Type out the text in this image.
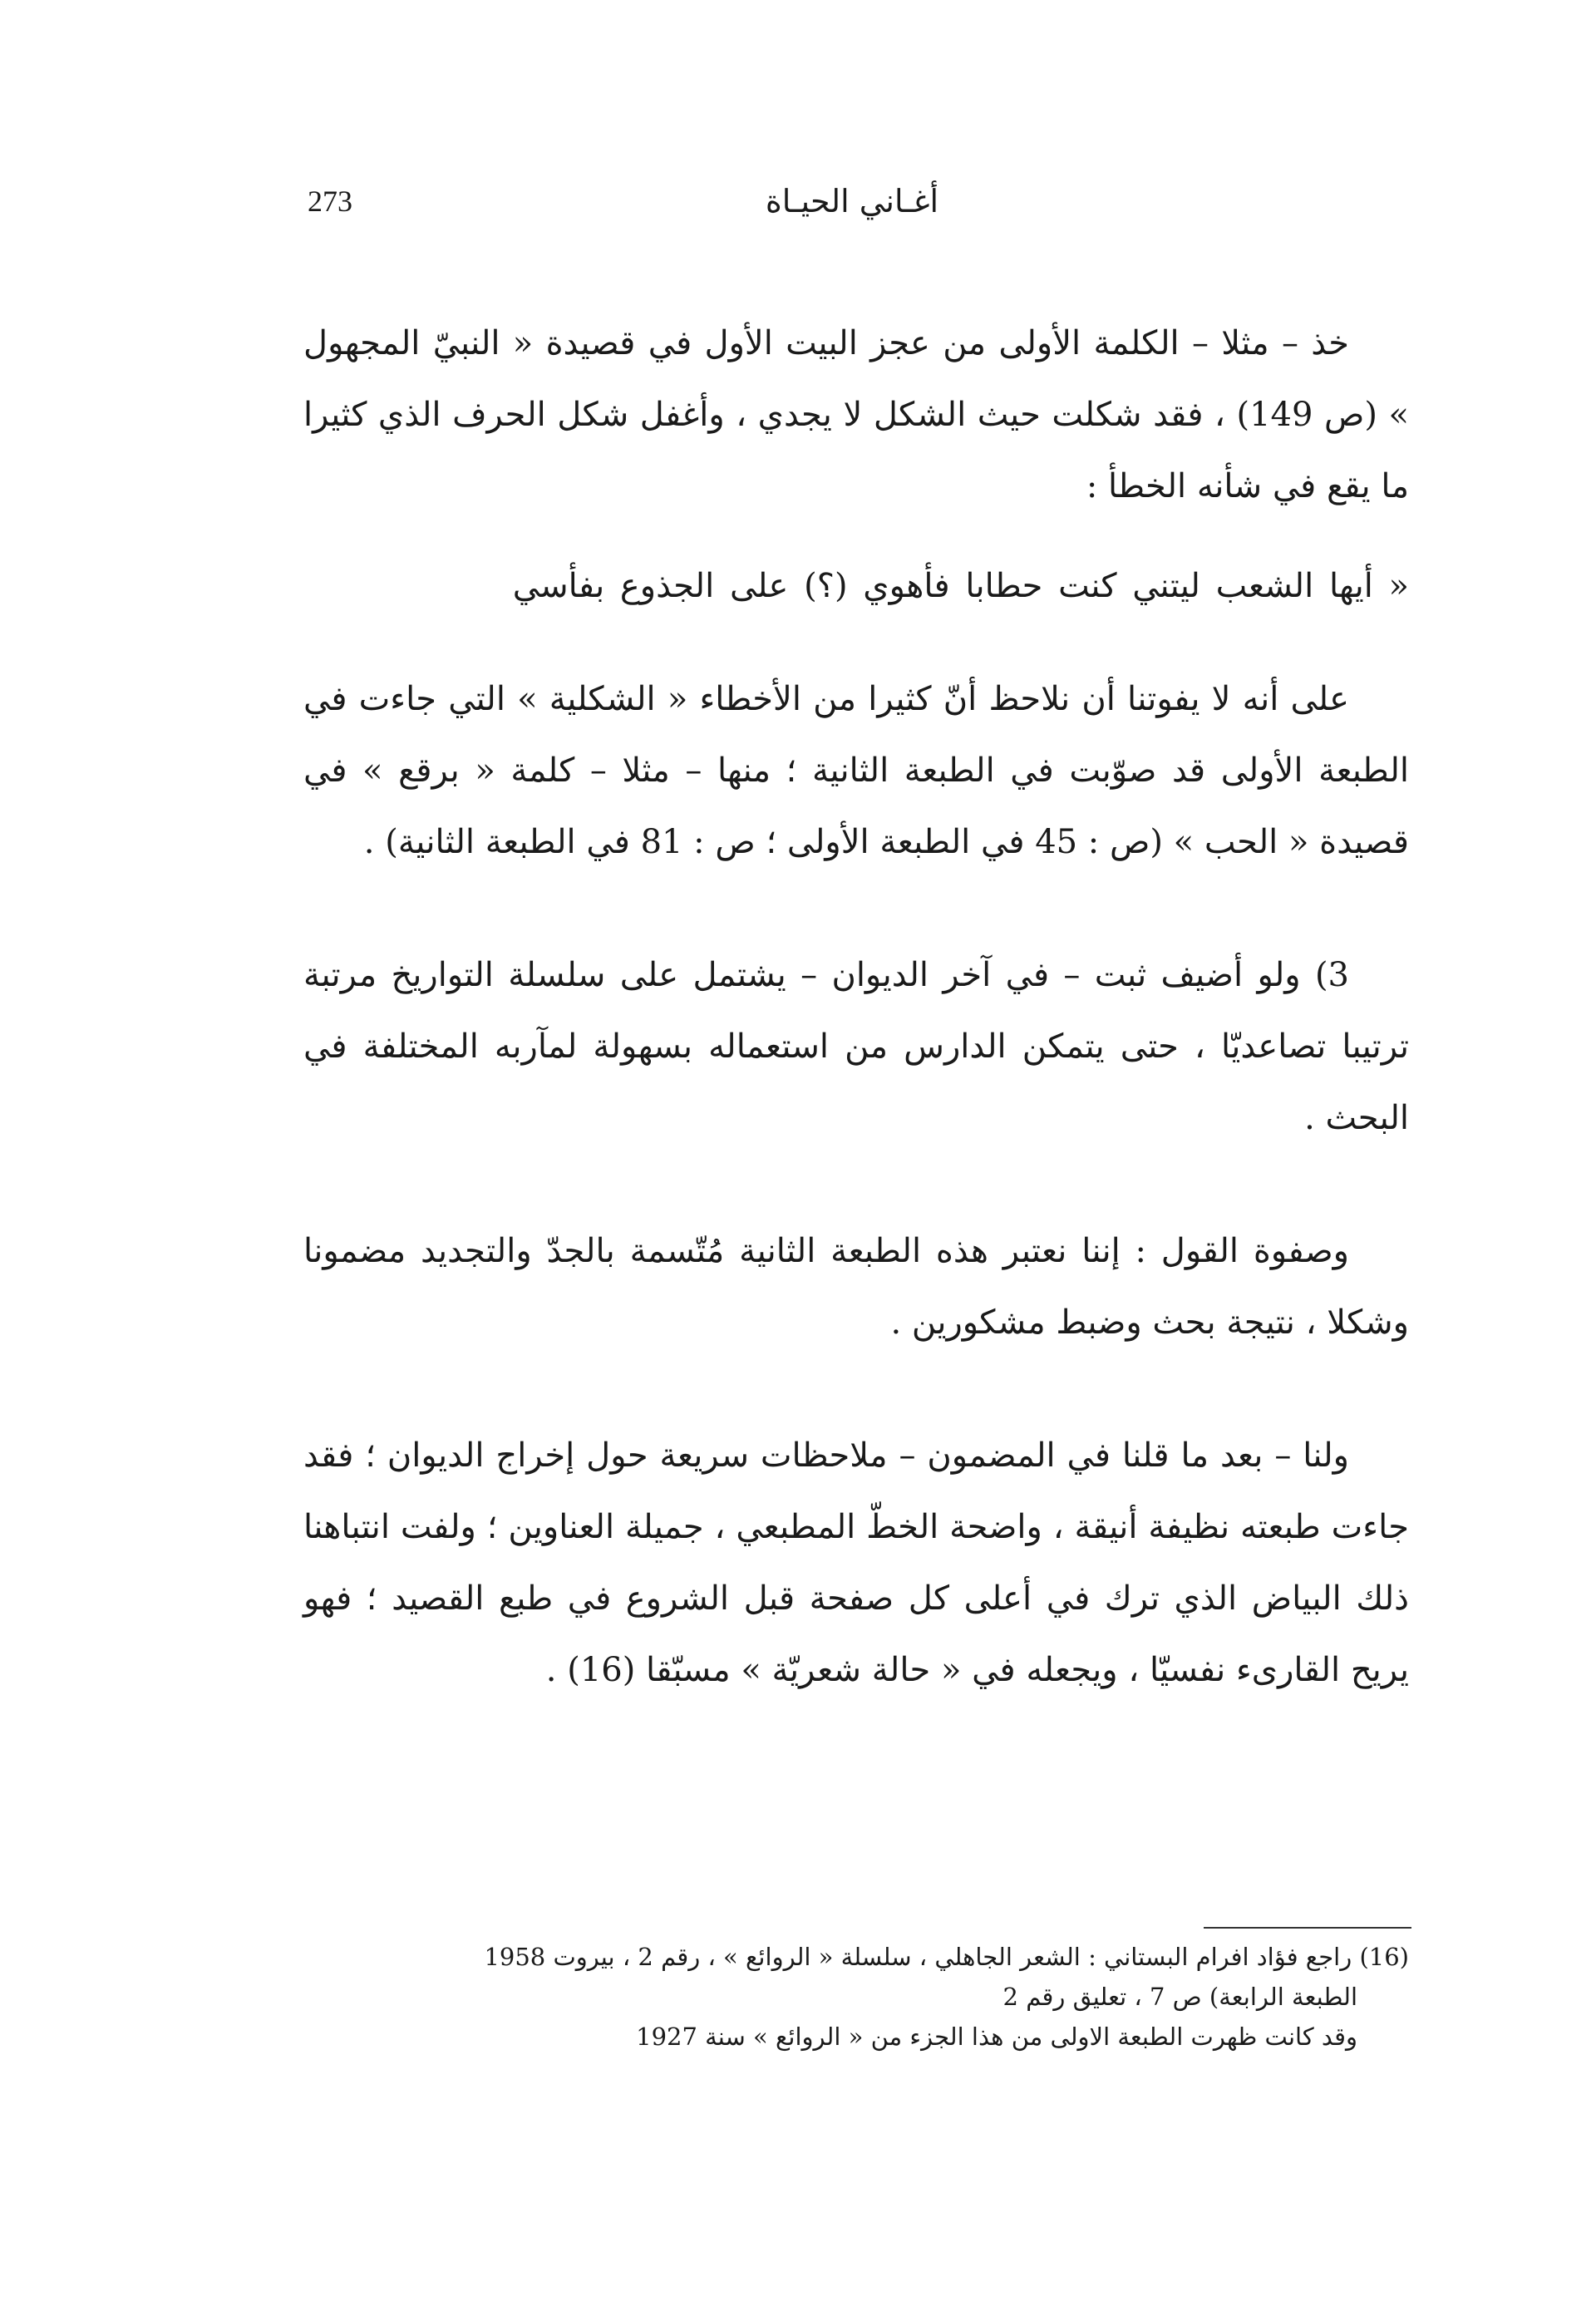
273	أغـاني الحيـاة

خذ – مثلا – الكلمة الأولى من عجز البيت الأول في قصيدة « النبيّ المجهول » (ص 149) ، فقد شكلت حيث الشكل لا يجدي ، وأغفل شكل الحرف الذي كثيرا ما يقع في شأنه الخطأ :

« أيها الشعب ليتني كنت حطابا فأهوي (؟) على الجذوع بفأسي

على أنه لا يفوتنا أن نلاحظ أنّ كثيرا من الأخطاء « الشكلية » التي جاءت في الطبعة الأولى قد صوّبت في الطبعة الثانية ؛ منها – مثلا – كلمة « برقع » في قصيدة « الحب » (ص : 45 في الطبعة الأولى ؛ ص : 81 في الطبعة الثانية) .

3) ولو أضيف ثبت – في آخر الديوان – يشتمل على سلسلة التواريخ مرتبة ترتيبا تصاعديّا ، حتى يتمكن الدارس من استعماله بسهولة لمآربه المختلفة في البحث .

وصفوة القول : إننا نعتبر هذه الطبعة الثانية مُتّسمة بالجدّ والتجديد مضمونا وشكلا ، نتيجة بحث وضبط مشكورين .

ولنا – بعد ما قلنا في المضمون – ملاحظات سريعة حول إخراج الديوان ؛ فقد جاءت طبعته نظيفة أنيقة ، واضحة الخطّ المطبعي ، جميلة العناوين ؛ ولفت انتباهنا ذلك البياض الذي ترك في أعلى كل صفحة قبل الشروع في طبع القصيد ؛ فهو يريح القارىء نفسيّا ، ويجعله في « حالة شعريّة » مسبّقا (16) .

(16) راجع فؤاد افرام البستاني : الشعر الجاهلي ، سلسلة « الروائع » ، رقم 2 ، بيروت 1958

الطبعة الرابعة) ص 7 ، تعليق رقم 2

وقد كانت ظهرت الطبعة الاولى من هذا الجزء من « الروائع » سنة 1927
